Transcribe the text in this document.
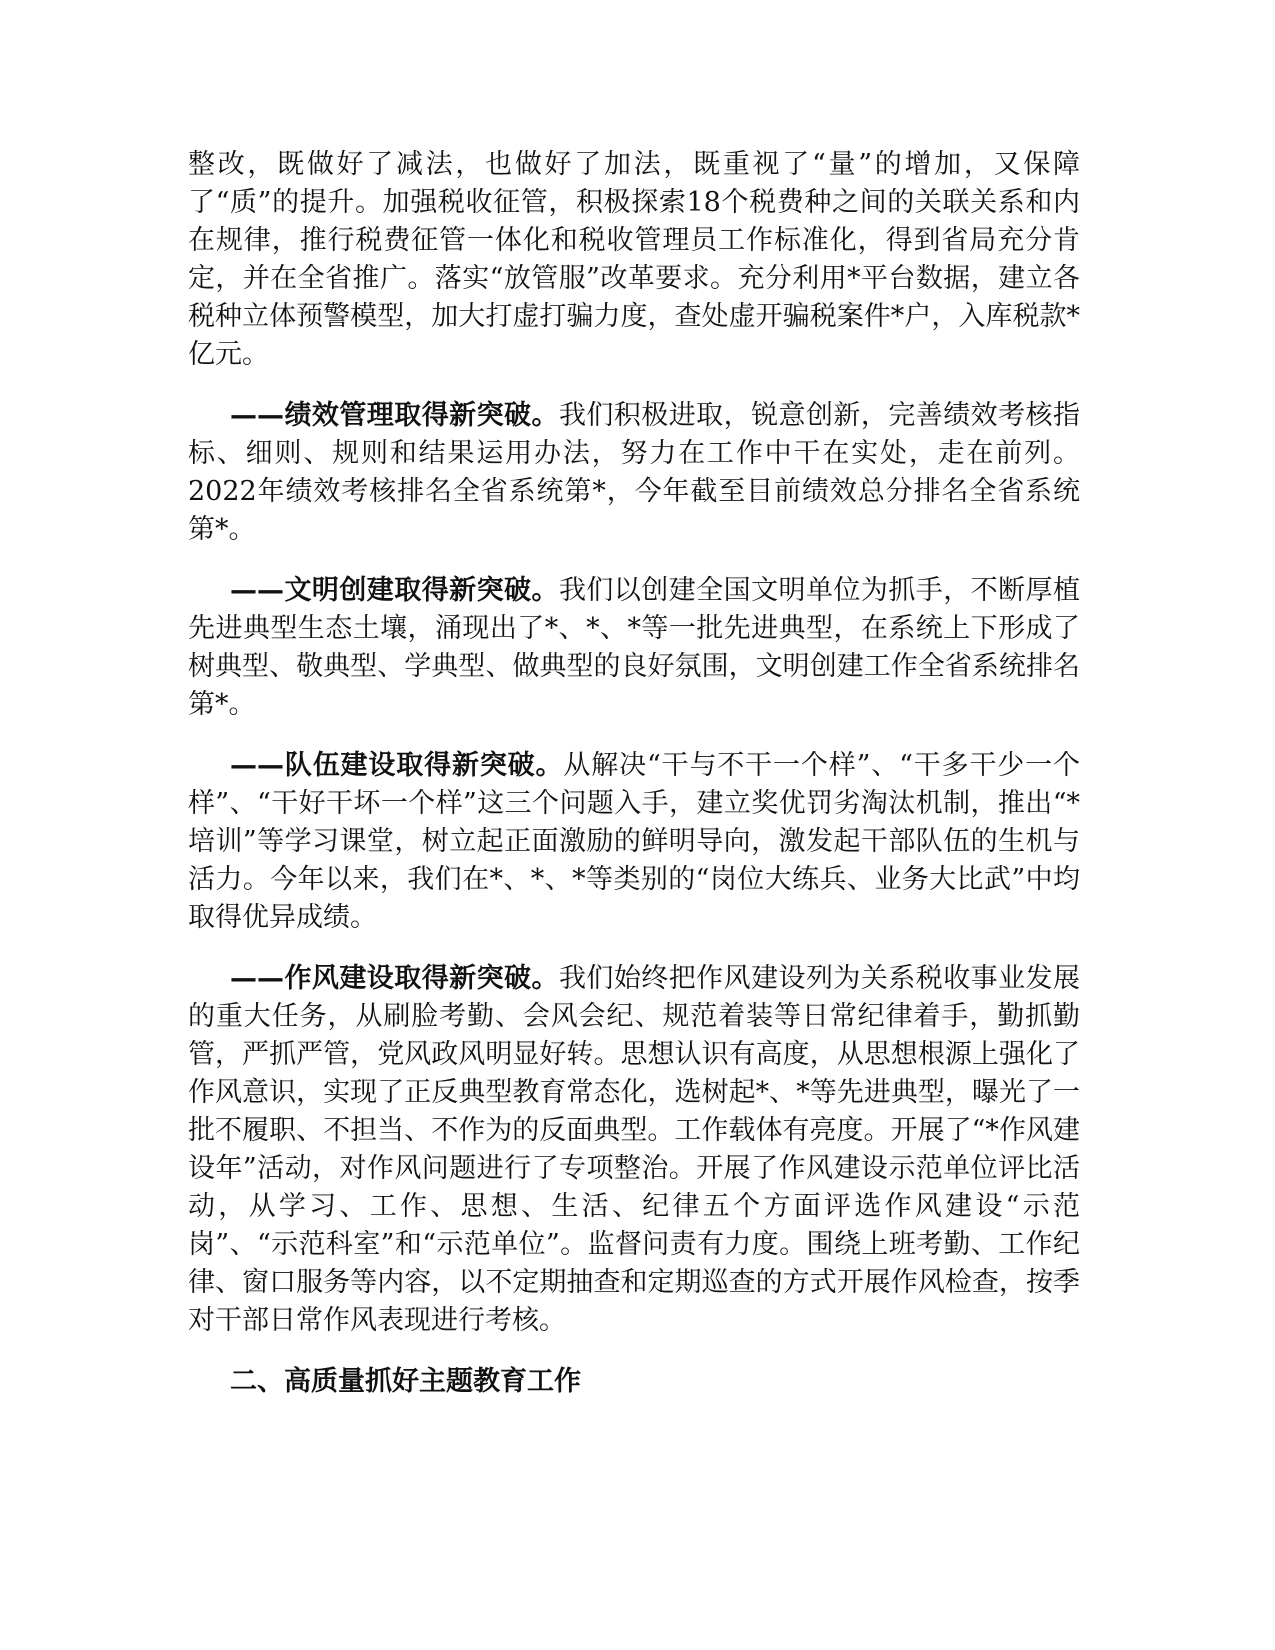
整改，既做好了减法，也做好了加法，既重视了“量”的增加，又保障了“质”的提升。加强税收征管，积极探索18个税费种之间的关联关系和内在规律，推行税费征管一体化和税收管理员工作标准化，得到省局充分肯定，并在全省推广。落实“放管服”改革要求。充分利用*平台数据，建立各税种立体预警模型，加大打虚打骗力度，查处虚开骗税案件*户，入库税款*亿元。

——绩效管理取得新突破。我们积极进取，锐意创新，完善绩效考核指标、细则、规则和结果运用办法，努力在工作中干在实处，走在前列。2022年绩效考核排名全省系统第*，今年截至目前绩效总分排名全省系统第*。

——文明创建取得新突破。我们以创建全国文明单位为抓手，不断厚植先进典型生态土壤，涌现出了*、*、*等一批先进典型，在系统上下形成了树典型、敬典型、学典型、做典型的良好氛围，文明创建工作全省系统排名第*。

——队伍建设取得新突破。从解决“干与不干一个样”、“干多干少一个样”、“干好干坏一个样”这三个问题入手，建立奖优罚劣淘汰机制，推出“*培训”等学习课堂，树立起正面激励的鲜明导向，激发起干部队伍的生机与活力。今年以来，我们在*、*、*等类别的“岗位大练兵、业务大比武”中均取得优异成绩。

——作风建设取得新突破。我们始终把作风建设列为关系税收事业发展的重大任务，从刷脸考勤、会风会纪、规范着装等日常纪律着手，勤抓勤管，严抓严管，党风政风明显好转。思想认识有高度，从思想根源上强化了作风意识，实现了正反典型教育常态化，选树起*、*等先进典型，曝光了一批不履职、不担当、不作为的反面典型。工作载体有亮度。开展了“*作风建设年”活动，对作风问题进行了专项整治。开展了作风建设示范单位评比活动，从学习、工作、思想、生活、纪律五个方面评选作风建设“示范岗”、“示范科室”和“示范单位”。监督问责有力度。围绕上班考勤、工作纪律、窗口服务等内容，以不定期抽查和定期巡查的方式开展作风检查，按季对干部日常作风表现进行考核。

二、高质量抓好主题教育工作
